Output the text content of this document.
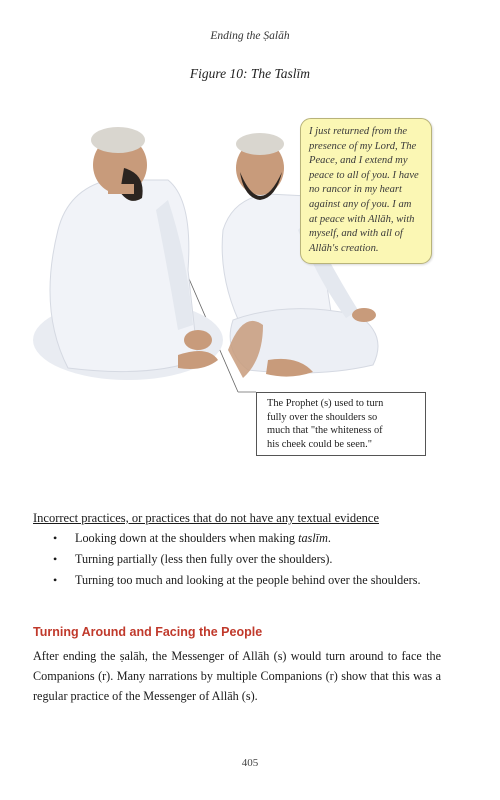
Ending the Ṣalāh
Figure 10: The Taslīm
I just returned from the
presence of my Lord, The
Peace, and I extend my
peace to all of you. I have
no rancor in my heart
against any of you. I am
at peace with Allāh, with
myself, and with all of
Allāh's creation.
The Prophet (s) used to turn
fully over the shoulders so
much that "the whiteness of
his cheek could be seen."
Incorrect practices, or practices that do not have any textual evidence
• Looking down at the shoulders when making taslīm.
• Turning partially (less then fully over the shoulders).
• Turning too much and looking at the people behind over the shoulders.
Turning Around and Facing the People
After ending the ṣalāh, the Messenger of Allāh (s) would turn around to face the Companions (r). Many narrations by multiple Companions (r) show that this was a regular practice of the Messenger of Allāh (s).
405
